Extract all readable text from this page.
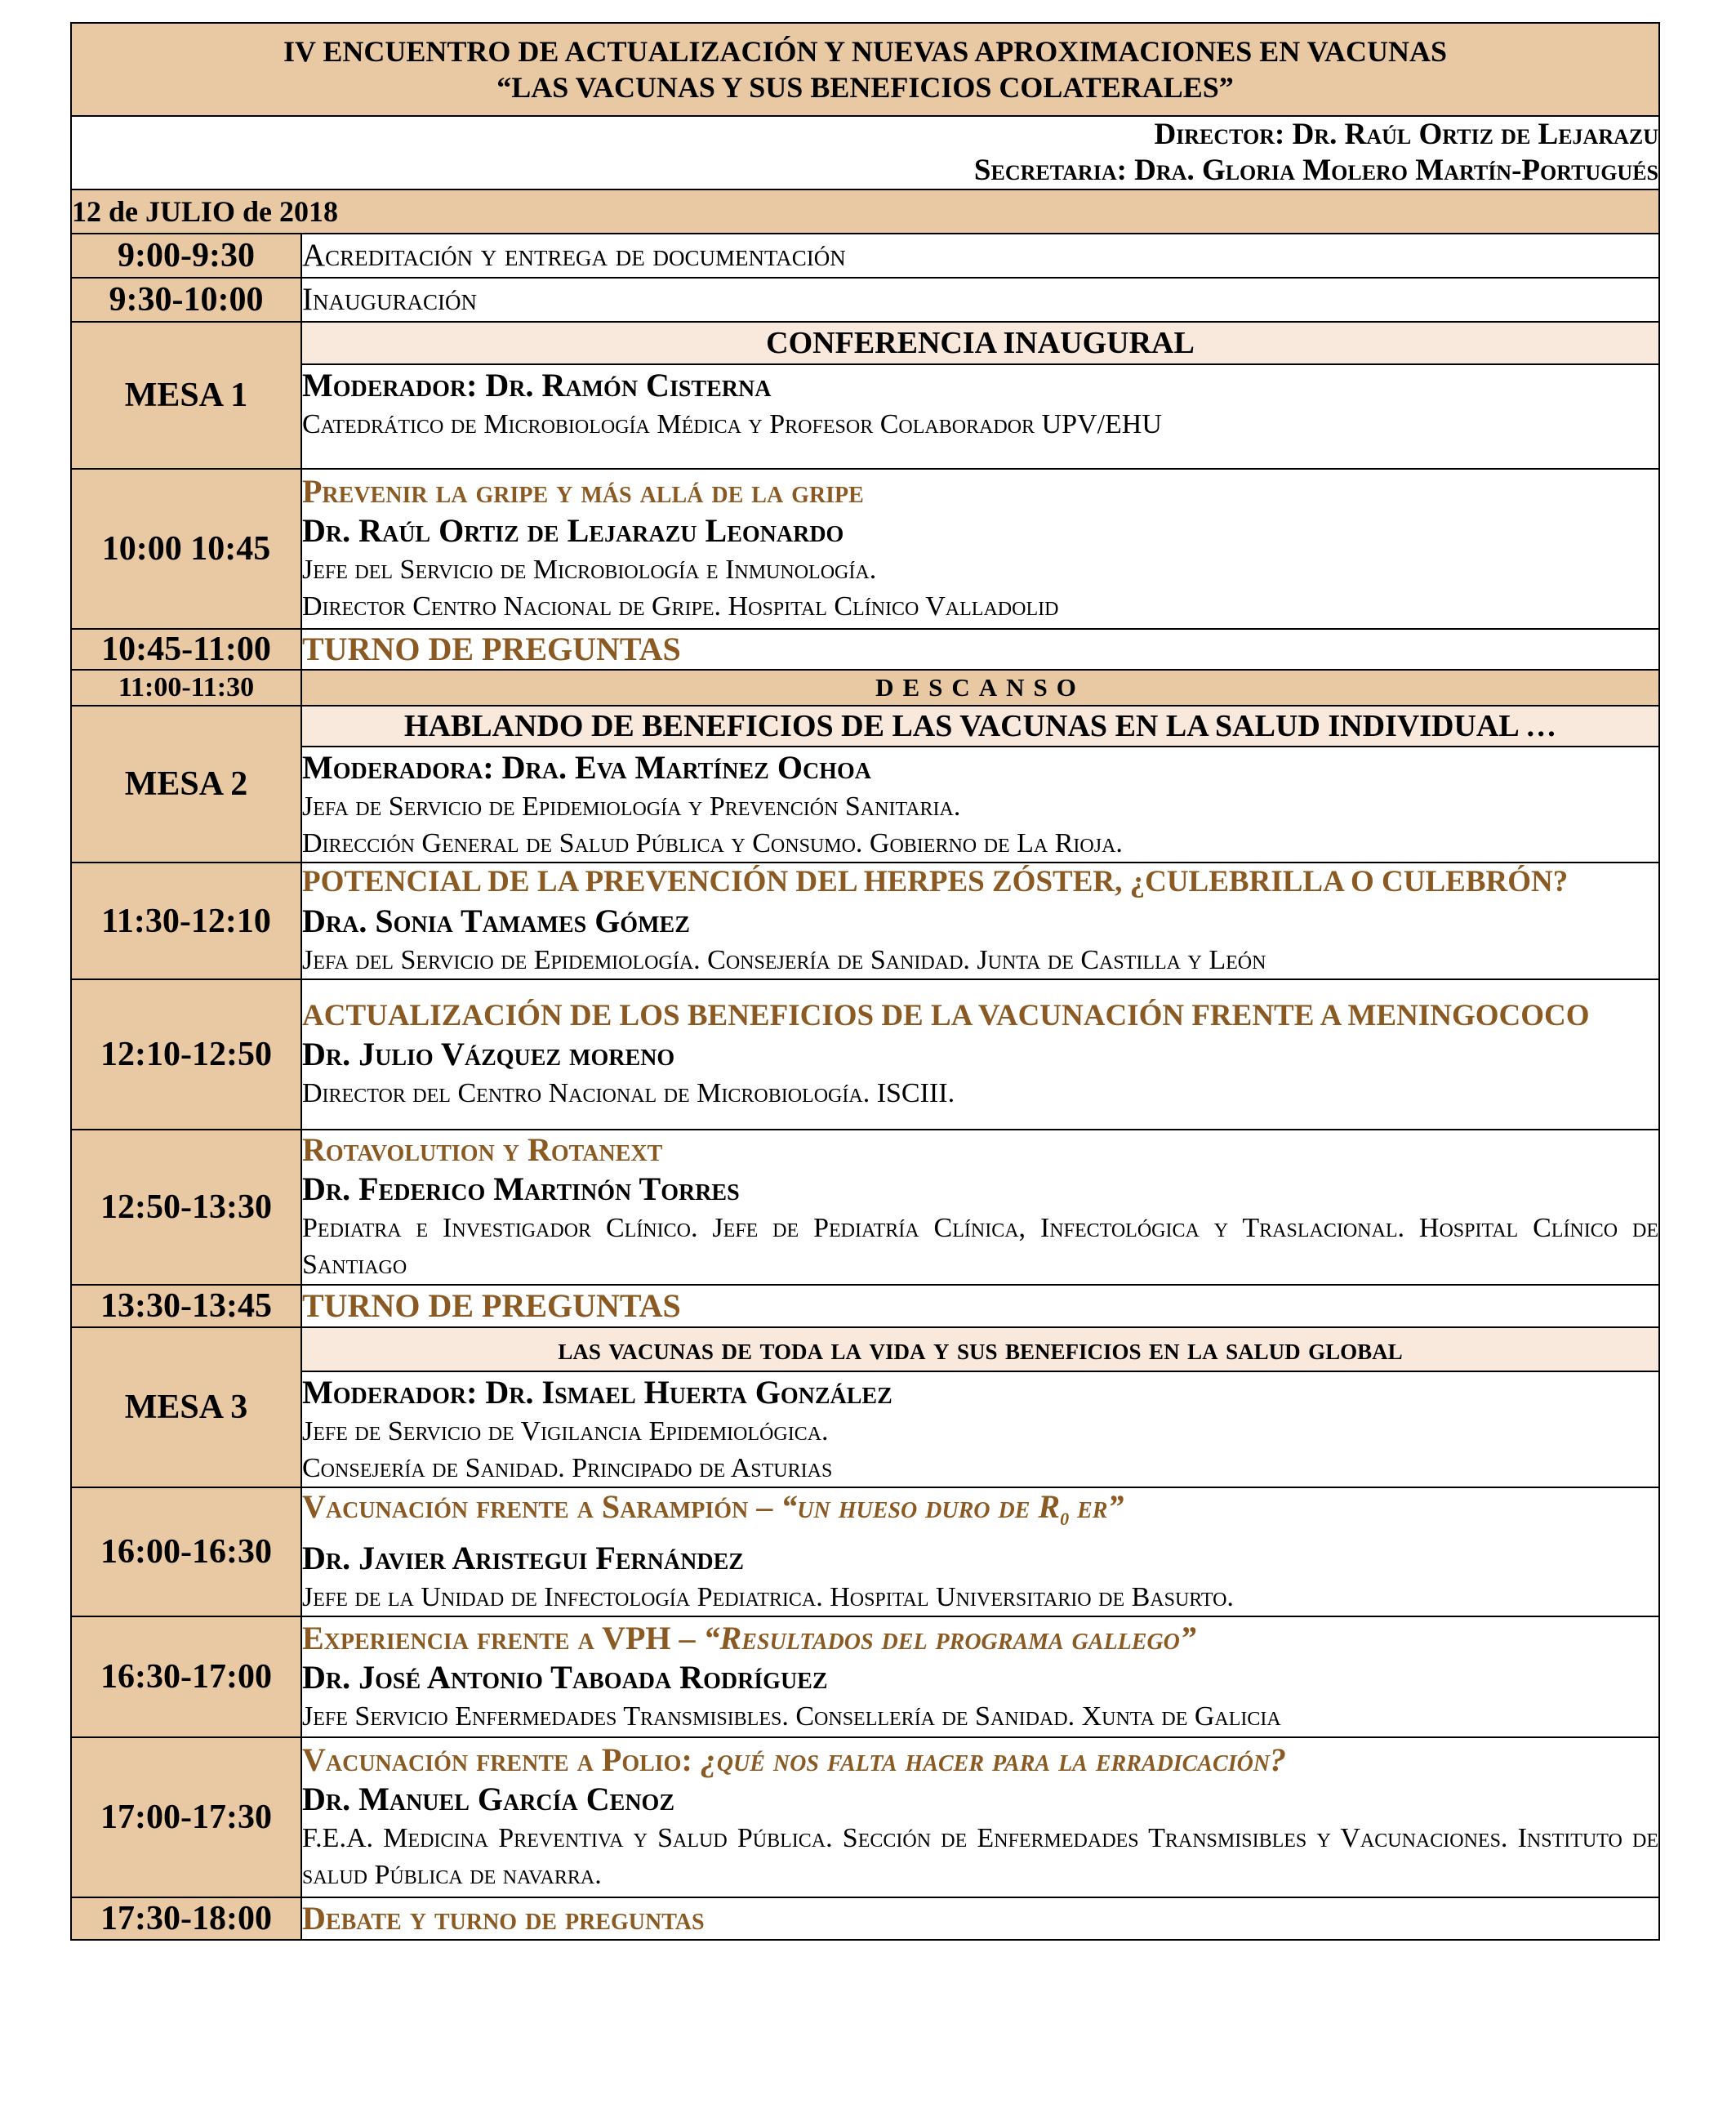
IV ENCUENTRO DE ACTUALIZACIÓN Y NUEVAS APROXIMACIONES EN VACUNAS
“LAS VACUNAS Y SUS BENEFICIOS COLATERALES”	

Director: Dr. Raúl Ortiz de Lejarazu
Secretaria: Dra. Gloria Molero Martín-Portugués	

12 de JULIO de 2018	
9:00-9:30	Acreditación y entrega de documentación
9:30-10:00	Inauguración
MESA 1	CONFERENCIA INAUGURAL

	Moderador: Dr. Ramón Cisterna
Catedrático de Microbiología Médica y Profesor Colaborador UPV/EHU

10:00 10:45	Prevenir la gripe y más allá de la gripe
Dr. Raúl Ortiz de Lejarazu Leonardo
Jefe del Servicio de Microbiología e Inmunología.
Director Centro Nacional de Gripe. Hospital Clínico Valladolid

10:45-11:00	TURNO DE PREGUNTAS
11:00-11:30	DESCANSO
MESA 2	HABLANDO DE BENEFICIOS DE LAS VACUNAS EN LA SALUD INDIVIDUAL …

	Moderadora: Dra. Eva Martínez Ochoa
Jefa de Servicio de Epidemiología y Prevención Sanitaria.
Dirección General de Salud Pública y Consumo. Gobierno de La Rioja.

11:30-12:10	POTENCIAL DE LA PREVENCIÓN DEL HERPES ZÓSTER, ¿CULEBRILLA O CULEBRÓN?
Dra. Sonia Tamames Gómez
Jefa del Servicio de Epidemiología. Consejería de Sanidad. Junta de Castilla y León

12:10-12:50	ACTUALIZACIÓN DE LOS BENEFICIOS DE LA VACUNACIÓN FRENTE A MENINGOCOCO
Dr. Julio Vázquez moreno
Director del Centro Nacional de Microbiología. ISCIII.

12:50-13:30	Rotavolution y Rotanext
Dr. Federico Martinón Torres
Pediatra e Investigador Clínico. Jefe de Pediatría Clínica, Infectológica y Traslacional. Hospital Clínico de Santiago

13:30-13:45	TURNO DE PREGUNTAS
MESA 3	las vacunas de toda la vida y sus beneficios en la salud global

	Moderador: Dr. Ismael Huerta González
Jefe de Servicio de Vigilancia Epidemiológica.
Consejería de Sanidad. Principado de Asturias

16:00-16:30	Vacunación frente a Sarampión – “un hueso duro de $R_0$ er”
Dr. Javier Aristegui Fernández
Jefe de la Unidad de Infectología Pediatrica. Hospital Universitario de Basurto.

16:30-17:00	Experiencia frente a VPH – “Resultados del programa gallego”
Dr. José Antonio Taboada Rodríguez
Jefe Servicio Enfermedades Transmisibles. Consellería de Sanidad. Xunta de Galicia

17:00-17:30	Vacunación frente a Polio: ¿qué nos falta hacer para la erradicación?
Dr. Manuel García Cenoz
F.E.A. Medicina Preventiva y Salud Pública. Sección de Enfermedades Transmisibles y Vacunaciones. Instituto de salud Pública de navarra.

17:30-18:00	Debate y turno de preguntas
